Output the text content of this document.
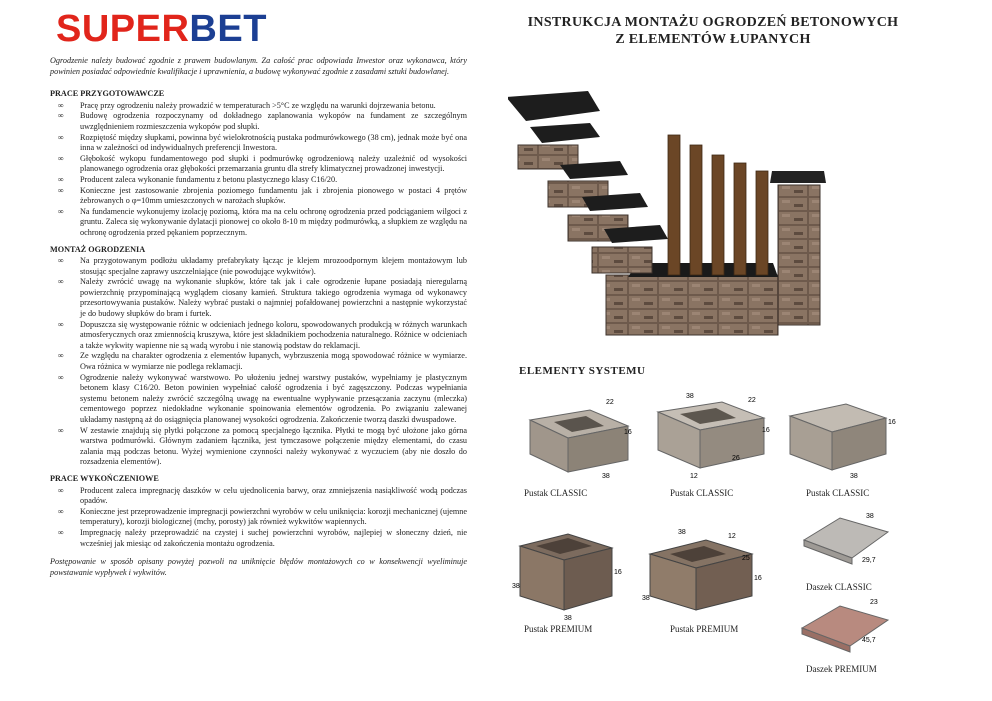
SUPERBET	INSTRUKCJA MONTAŻU OGRODZEŃ BETONOWYCH
Z ELEMENTÓW ŁUPANYCH

Ogrodzenie należy budować zgodnie z prawem budowlanym. Za całość prac odpowiada Inwestor oraz wykonawca, który powinien posiadać odpowiednie kwalifikacje i uprawnienia, a budowę wykonywać zgodnie z zasadami sztuki budowlanej.

PRACE PRZYGOTOWAWCZE
∞ Pracę przy ogrodzeniu należy prowadzić w temperaturach >5°C ze względu na warunki dojrzewania betonu.
∞ Budowę ogrodzenia rozpoczynamy od dokładnego zaplanowania wykopów na fundament ze szczególnym uwzględnieniem rozmieszczenia wykopów pod słupki.
∞ Rozpiętość między słupkami, powinna być wielokrotnością pustaka podmurówkowego (38 cm), jednak może być ona inna w zależności od indywidualnych preferencji Inwestora.
∞ Głębokość wykopu fundamentowego pod słupki i podmurówkę ogrodzeniową należy uzależnić od wysokości planowanego ogrodzenia oraz głębokości przemarzania gruntu dla strefy klimatycznej prowadzonej inwestycji.
∞ Producent zaleca wykonanie fundamentu z betonu plastycznego klasy C16/20.
∞ Konieczne jest zastosowanie zbrojenia poziomego fundamentu jak i zbrojenia pionowego w postaci 4 prętów żebrowanych o φ=10mm umieszczonych w narożach słupków.
∞ Na fundamencie wykonujemy izolację poziomą, która ma na celu ochronę ogrodzenia przed podciąganiem wilgoci z gruntu. Zaleca się wykonywanie dylatacji pionowej co około 8-10 m między podmurówką, a słupkiem ze względu na ochronę ogrodzenia przed pękaniem poprzecznym.
MONTAŻ OGRODZENIA
∞ Na przygotowanym podłożu układamy prefabrykaty łącząc je klejem mrozoodpornym klejem montażowym lub stosując specjalne zaprawy uszczelniające (nie powodujące wykwitów).
∞ Należy zwrócić uwagę na wykonanie słupków, które tak jak i całe ogrodzenie łupane posiadają nieregularną powierzchnię przypominającą wyglądem ciosany kamień. Struktura takiego ogrodzenia wymaga od wykonawcy przesortowywania pustaków. Należy wybrać pustaki o najmniej pofałdowanej powierzchni a następnie wykorzystać je do budowy słupków do bram i furtek.
∞ Dopuszcza się występowanie różnic w odcieniach jednego koloru, spowodowanych produkcją w różnych warunkach atmosferycznych oraz zmiennością kruszywa, które jest składnikiem pochodzenia naturalnego. Różnice w odcieniach a także wykwity wapienne nie są wadą wyrobu i nie stanowią podstaw do reklamacji.
∞ Ze względu na charakter ogrodzenia z elementów łupanych, wybrzuszenia mogą spowodować różnice w wymiarze. Owa różnica w wymiarze nie podlega reklamacji.
∞ Ogrodzenie należy wykonywać warstwowo. Po ułożeniu jednej warstwy pustaków, wypełniamy je plastycznym betonem klasy C16/20. Beton powinien wypełniać całość ogrodzenia i być zagęszczony. Podczas wypełniania systemu betonem należy zwrócić szczególną uwagę na ewentualne wypływanie przesączania zaczynu (mleczka) cementowego poprzez niedokładne wykonanie spoinowania elementów ogrodzenia. Po związaniu zalewanej układamy następną aż do osiągnięcia planowanej wysokości ogrodzenia. Zakończenie tworzą daszki dwuspadowe.
∞ W zestawie znajdują się płytki połączone za pomocą specjalnego łącznika. Płytki te mogą być ułożone jako górna warstwa podmurówki. Głównym zadaniem łącznika, jest tymczasowe połączenie między elementami, do czasu zalania mąą podczas betonu. Wyżej wymienione czynności należy wykonywać z wyczuciem (aby nie doszło do rozsadzenia elementów).
PRACE WYKOŃCZENIOWE
∞ Producent zaleca impregnację daszków w celu ujednolicenia barwy, oraz zmniejszenia nasiąkliwość wodą podczas opadów.
∞ Konieczne jest przeprowadzenie impregnacji powierzchni wyrobów w celu uniknięcia: korozji mechanicznej (ujemne temperatury), korozji biologicznej (mchy, porosty) jak również wykwitów wapiennych.
∞ Impregnację należy przeprowadzić na czystej i suchej powierzchni wyrobów, najlepiej w słoneczny dzień, nie wcześniej jak miesiąc od zakończenia montażu ogrodzenia.

Postępowanie w sposób opisany powyżej pozwoli na uniknięcie błędów montażowych co w konsekwencji wyeliminuje powstawanie wypływek i wykwitów.

ELEMENTY SYSTEMU
22
16
38
38
22
16
26
12
16
38
Pustak CLASSIC	Pustak CLASSIC	Pustak CLASSIC
38
16
38
38
38
12
25
16
38
29,7
Pustak PREMIUM	Pustak PREMIUM
Daszek CLASSIC
23
45,7
Daszek PREMIUM
